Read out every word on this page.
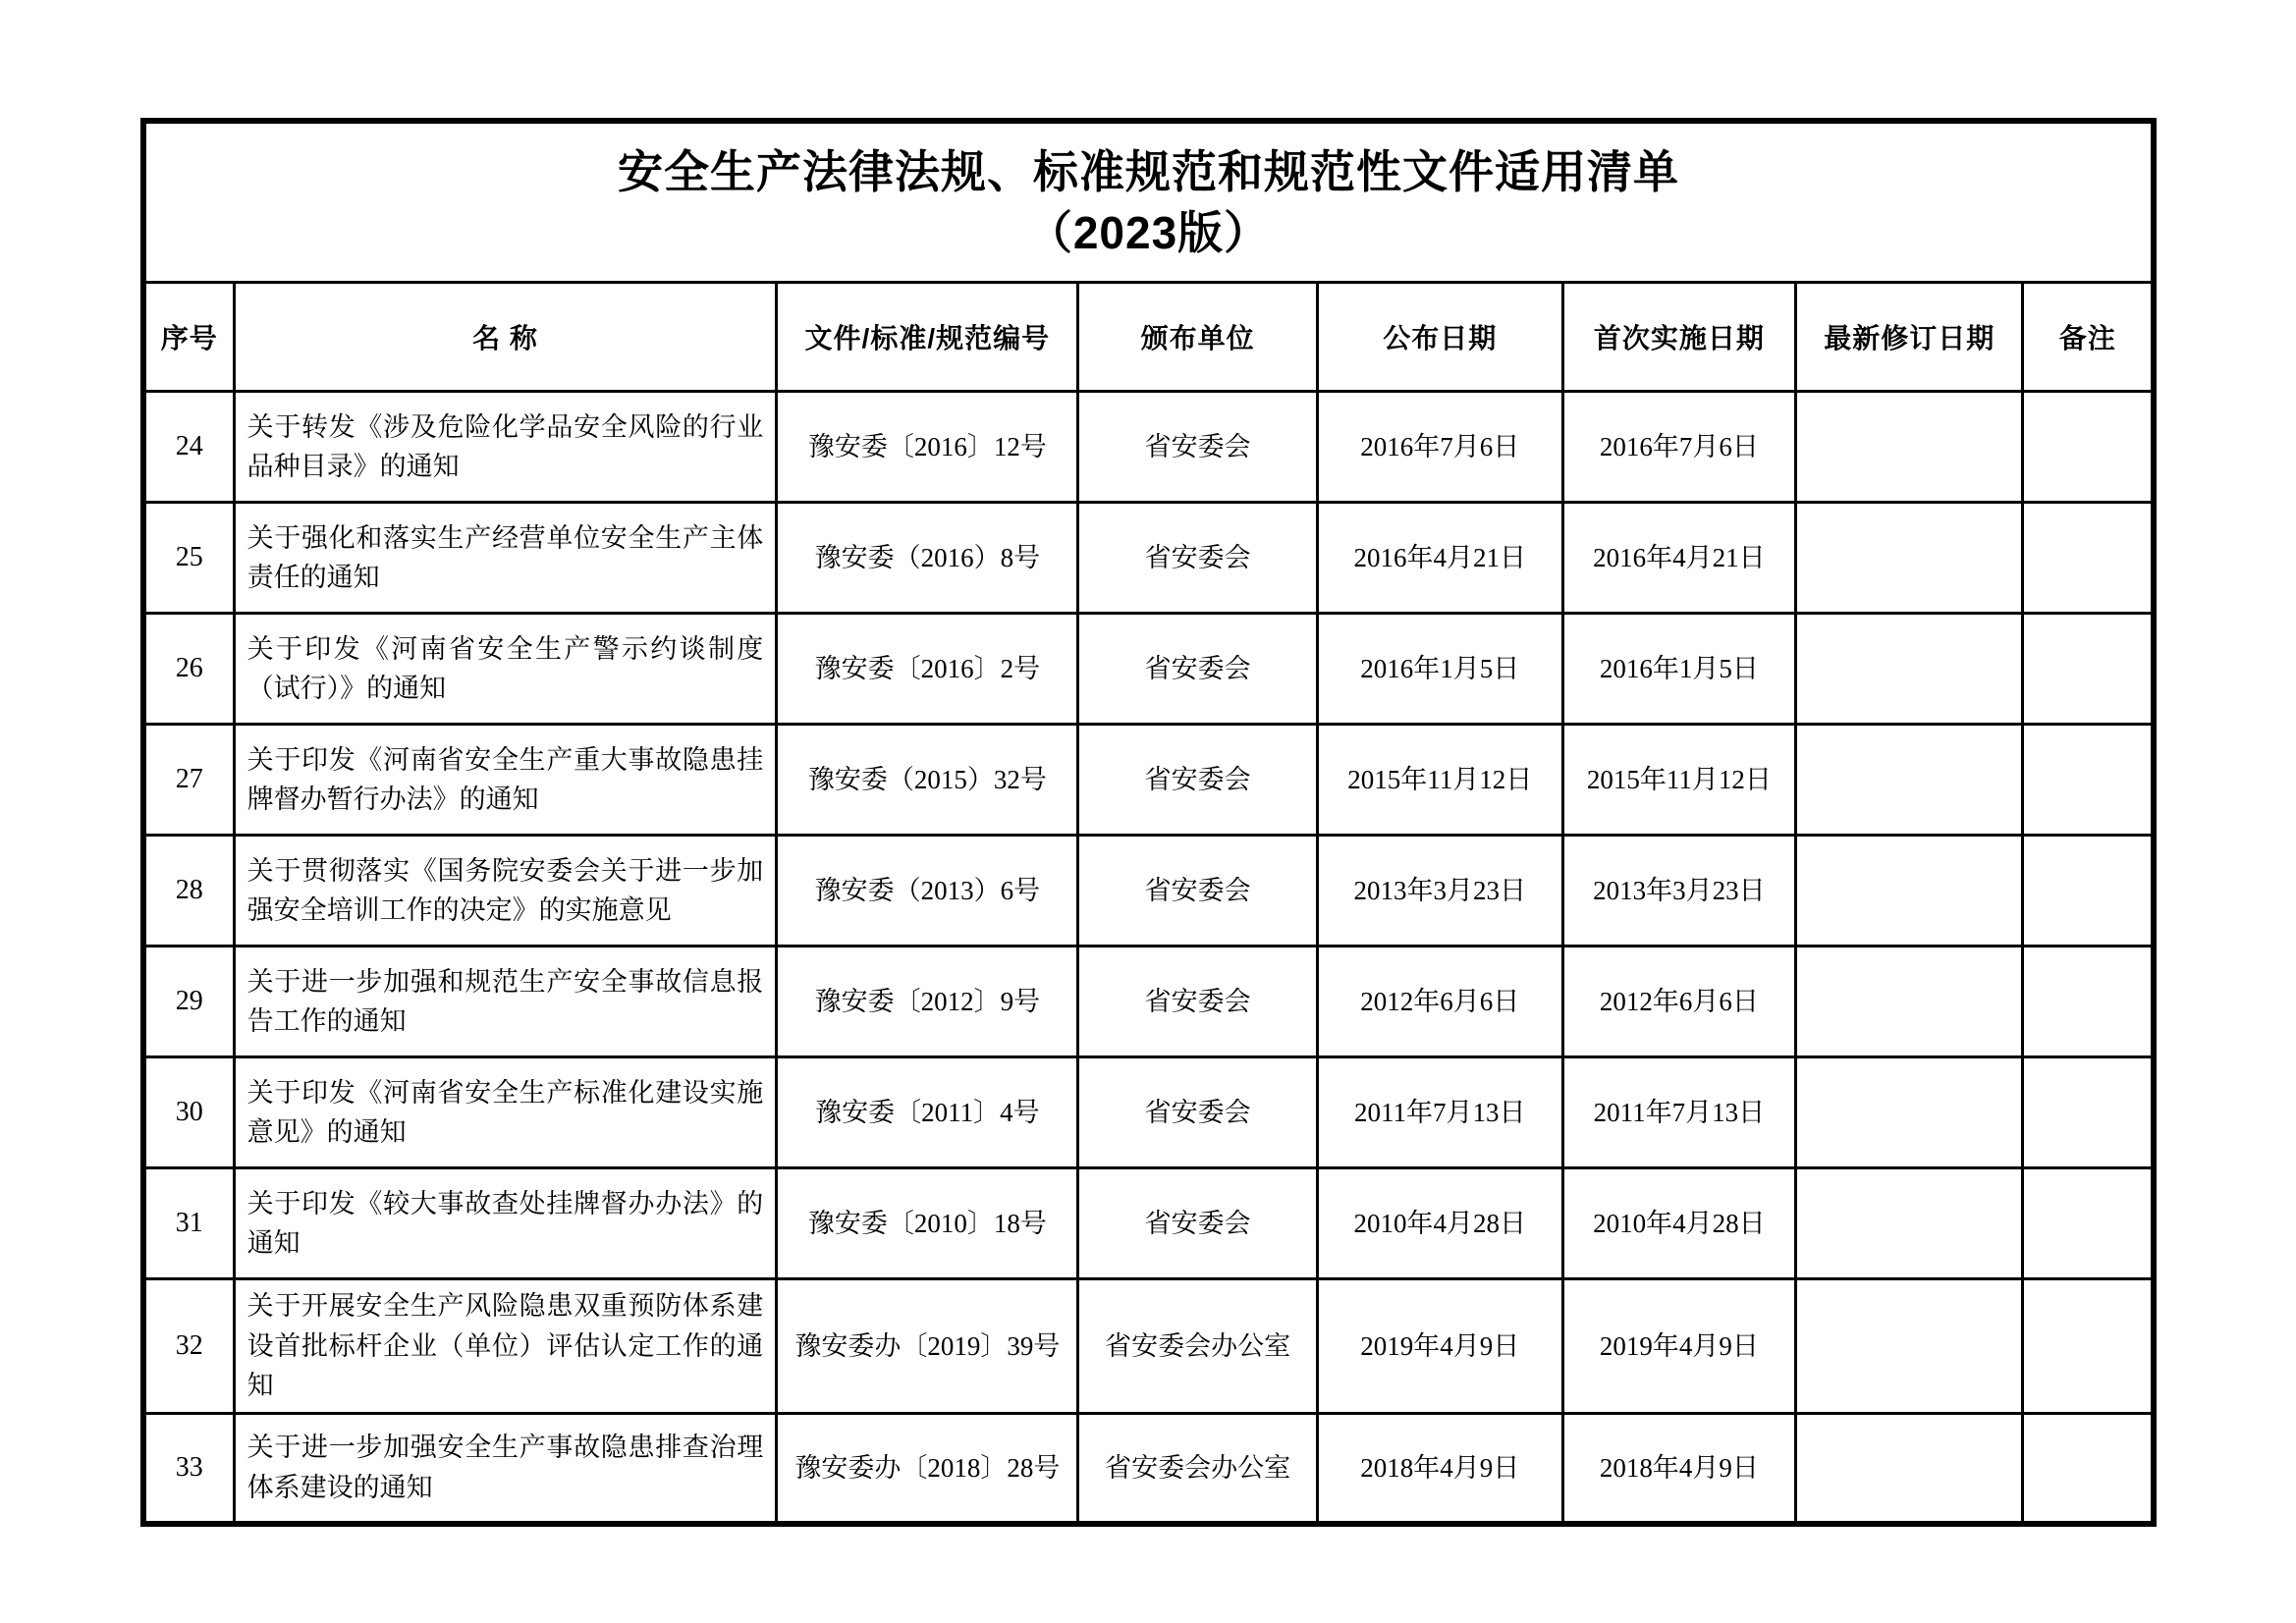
安全生产法律法规、标准规范和规范性文件适用清单
（2023版）							

序号	名 称	文件/标准/规范编号	颁布单位	公布日期	首次实施日期	最新修订日期	备注
24	关于转发《涉及危险化学品安全风险的行业品种目录》的通知	豫安委〔2016〕12号	省安委会	2016年7月6日	2016年7月6日		
25	关于强化和落实生产经营单位安全生产主体责任的通知	豫安委（2016）8号	省安委会	2016年4月21日	2016年4月21日		
26	关于印发《河南省安全生产警示约谈制度（试行）》的通知	豫安委〔2016〕2号	省安委会	2016年1月5日	2016年1月5日		
27	关于印发《河南省安全生产重大事故隐患挂牌督办暂行办法》的通知	豫安委（2015）32号	省安委会	2015年11月12日	2015年11月12日		
28	关于贯彻落实《国务院安委会关于进一步加强安全培训工作的决定》的实施意见	豫安委（2013）6号	省安委会	2013年3月23日	2013年3月23日		
29	关于进一步加强和规范生产安全事故信息报告工作的通知	豫安委〔2012〕9号	省安委会	2012年6月6日	2012年6月6日		
30	关于印发《河南省安全生产标准化建设实施意见》的通知	豫安委〔2011〕4号	省安委会	2011年7月13日	2011年7月13日		
31	关于印发《较大事故查处挂牌督办办法》的通知	豫安委〔2010〕18号	省安委会	2010年4月28日	2010年4月28日		
32	关于开展安全生产风险隐患双重预防体系建设首批标杆企业（单位）评估认定工作的通知	豫安委办〔2019〕39号	省安委会办公室	2019年4月9日	2019年4月9日		
33	关于进一步加强安全生产事故隐患排查治理体系建设的通知	豫安委办〔2018〕28号	省安委会办公室	2018年4月9日	2018年4月9日		
